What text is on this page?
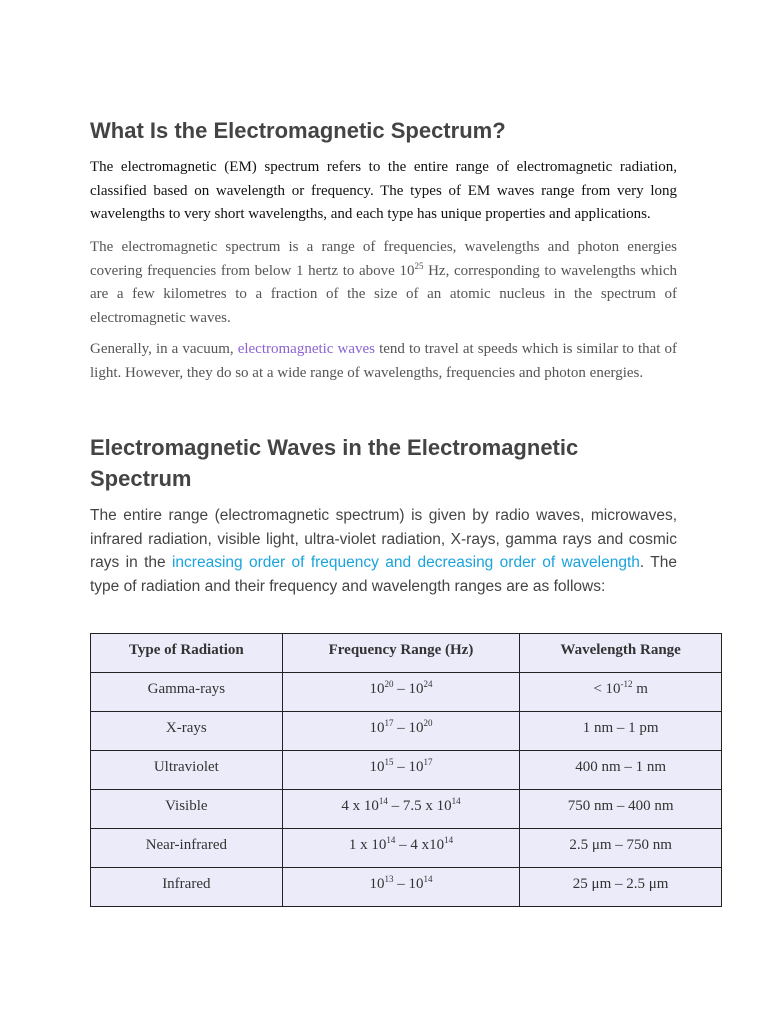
What Is the Electromagnetic Spectrum?

The electromagnetic (EM) spectrum refers to the entire range of electromagnetic radiation, classified based on wavelength or frequency. The types of EM waves range from very long wavelengths to very short wavelengths, and each type has unique properties and applications.

The electromagnetic spectrum is a range of frequencies, wavelengths and photon energies covering frequencies from below 1 hertz to above $10^{25}$ Hz, corresponding to wavelengths which are a few kilometres to a fraction of the size of an atomic nucleus in the spectrum of electromagnetic waves.

Generally, in a vacuum, electromagnetic waves tend to travel at speeds which is similar to that of light. However, they do so at a wide range of wavelengths, frequencies and photon energies.

Electromagnetic Waves in the Electromagnetic Spectrum

The entire range (electromagnetic spectrum) is given by radio waves, microwaves, infrared radiation, visible light, ultra-violet radiation, X-rays, gamma rays and cosmic rays in the increasing order of frequency and decreasing order of wavelength. The type of radiation and their frequency and wavelength ranges are as follows:

Type of Radiation	Frequency Range (Hz)	Wavelength Range
Gamma-rays	$10^{20} - 10^{24}$	< $10^{-12}$ m
X-rays	$10^{17} - 10^{20}$	1 nm – 1 pm
Ultraviolet	$10^{15} - 10^{17}$	400 nm – 1 nm
Visible	4 x $10^{14} - 7.5$ x $10^{14}$	750 nm – 400 nm
Near-infrared	1 x $10^{14} - 4$ $x10^{14}$	2.5 μm – 750 nm
Infrared	$10^{13} - 10^{14}$	25 μm – 2.5 μm
